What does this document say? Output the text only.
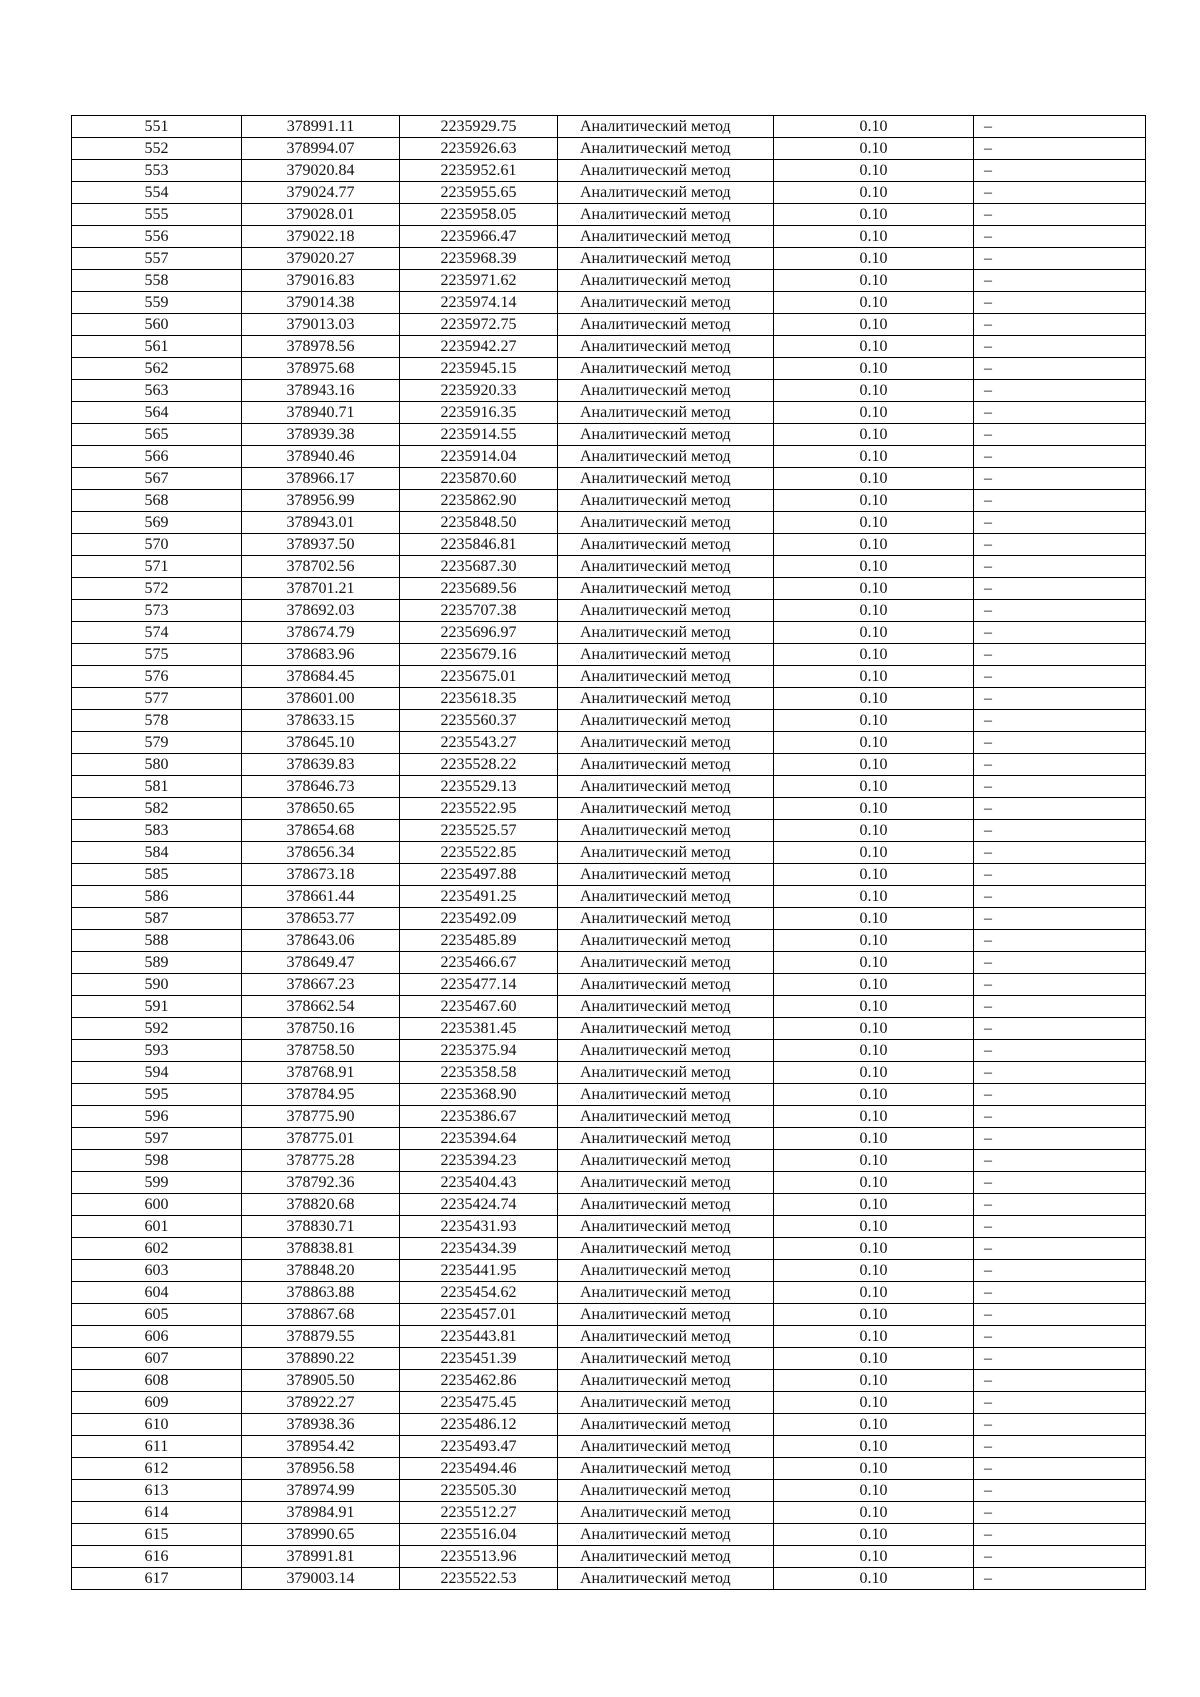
551	378991.11	2235929.75	Аналитический метод	0.10	–
552	378994.07	2235926.63	Аналитический метод	0.10	–
553	379020.84	2235952.61	Аналитический метод	0.10	–
554	379024.77	2235955.65	Аналитический метод	0.10	–
555	379028.01	2235958.05	Аналитический метод	0.10	–
556	379022.18	2235966.47	Аналитический метод	0.10	–
557	379020.27	2235968.39	Аналитический метод	0.10	–
558	379016.83	2235971.62	Аналитический метод	0.10	–
559	379014.38	2235974.14	Аналитический метод	0.10	–
560	379013.03	2235972.75	Аналитический метод	0.10	–
561	378978.56	2235942.27	Аналитический метод	0.10	–
562	378975.68	2235945.15	Аналитический метод	0.10	–
563	378943.16	2235920.33	Аналитический метод	0.10	–
564	378940.71	2235916.35	Аналитический метод	0.10	–
565	378939.38	2235914.55	Аналитический метод	0.10	–
566	378940.46	2235914.04	Аналитический метод	0.10	–
567	378966.17	2235870.60	Аналитический метод	0.10	–
568	378956.99	2235862.90	Аналитический метод	0.10	–
569	378943.01	2235848.50	Аналитический метод	0.10	–
570	378937.50	2235846.81	Аналитический метод	0.10	–
571	378702.56	2235687.30	Аналитический метод	0.10	–
572	378701.21	2235689.56	Аналитический метод	0.10	–
573	378692.03	2235707.38	Аналитический метод	0.10	–
574	378674.79	2235696.97	Аналитический метод	0.10	–
575	378683.96	2235679.16	Аналитический метод	0.10	–
576	378684.45	2235675.01	Аналитический метод	0.10	–
577	378601.00	2235618.35	Аналитический метод	0.10	–
578	378633.15	2235560.37	Аналитический метод	0.10	–
579	378645.10	2235543.27	Аналитический метод	0.10	–
580	378639.83	2235528.22	Аналитический метод	0.10	–
581	378646.73	2235529.13	Аналитический метод	0.10	–
582	378650.65	2235522.95	Аналитический метод	0.10	–
583	378654.68	2235525.57	Аналитический метод	0.10	–
584	378656.34	2235522.85	Аналитический метод	0.10	–
585	378673.18	2235497.88	Аналитический метод	0.10	–
586	378661.44	2235491.25	Аналитический метод	0.10	–
587	378653.77	2235492.09	Аналитический метод	0.10	–
588	378643.06	2235485.89	Аналитический метод	0.10	–
589	378649.47	2235466.67	Аналитический метод	0.10	–
590	378667.23	2235477.14	Аналитический метод	0.10	–
591	378662.54	2235467.60	Аналитический метод	0.10	–
592	378750.16	2235381.45	Аналитический метод	0.10	–
593	378758.50	2235375.94	Аналитический метод	0.10	–
594	378768.91	2235358.58	Аналитический метод	0.10	–
595	378784.95	2235368.90	Аналитический метод	0.10	–
596	378775.90	2235386.67	Аналитический метод	0.10	–
597	378775.01	2235394.64	Аналитический метод	0.10	–
598	378775.28	2235394.23	Аналитический метод	0.10	–
599	378792.36	2235404.43	Аналитический метод	0.10	–
600	378820.68	2235424.74	Аналитический метод	0.10	–
601	378830.71	2235431.93	Аналитический метод	0.10	–
602	378838.81	2235434.39	Аналитический метод	0.10	–
603	378848.20	2235441.95	Аналитический метод	0.10	–
604	378863.88	2235454.62	Аналитический метод	0.10	–
605	378867.68	2235457.01	Аналитический метод	0.10	–
606	378879.55	2235443.81	Аналитический метод	0.10	–
607	378890.22	2235451.39	Аналитический метод	0.10	–
608	378905.50	2235462.86	Аналитический метод	0.10	–
609	378922.27	2235475.45	Аналитический метод	0.10	–
610	378938.36	2235486.12	Аналитический метод	0.10	–
611	378954.42	2235493.47	Аналитический метод	0.10	–
612	378956.58	2235494.46	Аналитический метод	0.10	–
613	378974.99	2235505.30	Аналитический метод	0.10	–
614	378984.91	2235512.27	Аналитический метод	0.10	–
615	378990.65	2235516.04	Аналитический метод	0.10	–
616	378991.81	2235513.96	Аналитический метод	0.10	–
617	379003.14	2235522.53	Аналитический метод	0.10	–
